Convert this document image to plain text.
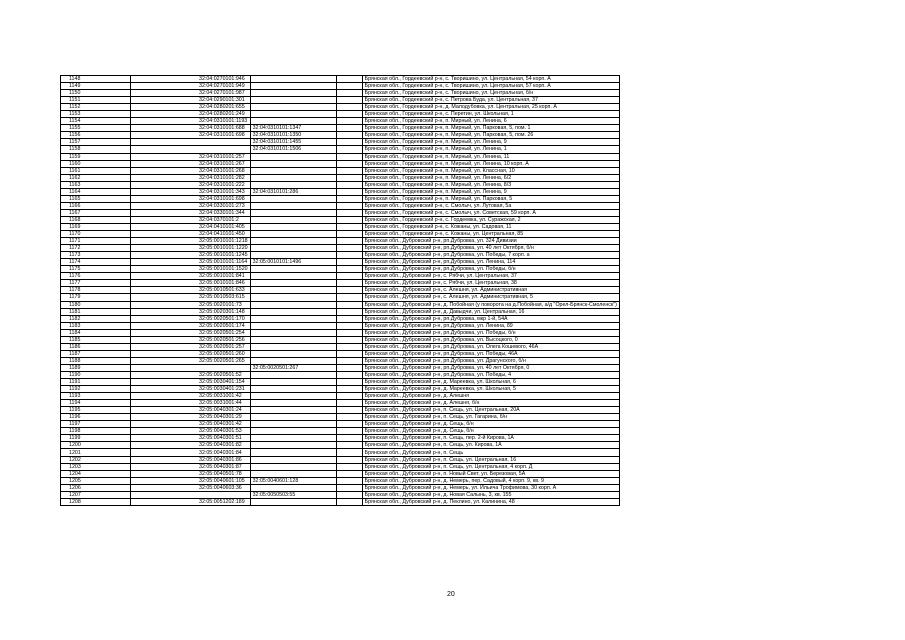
1148	32:04:0270101:946			Брянская обл., Гордеевский р-н, с. Творишино, ул. Центральная, 54 корп. А
1149	32:04:0270101:949			Брянская обл., Гордеевский р-н, с. Творишино, ул. Центральная, 57 корп. А
1150	32:04:0270101:987			Брянская обл., Гордеевский р-н, с. Творишино, ул. Центральная, б/н
1151	32:04:0290101:301			Брянская обл., Гордеевский р-н, с. Петрова Буда, ул. Центральная, 37
1152	32:04:0280201:655			Брянская обл., Гордеевский р-н, д. Малодубовка, ул. Центральная, 25 корп. А
1153	32:04:0280201:249			Брянская обл., Гордеевский р-н, с. Перетин, ул. Школьная, 1
1154	32:04:0310101:1193			Брянская обл., Гордеевский р-н, п. Мирный, ул. Ленина, 6
1155	32:04:0310101:688	32:04:0310101:1347		Брянская обл., Гордеевский р-н, п. Мирный, ул. Парковая, 5, пом. 1
1156	32:04:0310101:698	32:04:0310101:1350		Брянская обл., Гордеевский р-н, п. Мирный, ул. Парковая, 5, пом. 26
1157		32:04:0310101:1455		Брянская обл., Гордеевский р-н, п. Мирный, ул. Ленина, 9
1158		32:04:0310101:1506		Брянская обл., Гордеевский р-н, п. Мирный, ул. Ленина, 1
1159	32:04:0310101:257			Брянская обл., Гордеевский р-н, п. Мирный, ул. Ленина, 11
1160	32:04:0310101:267			Брянская обл., Гордеевский р-н, п. Мирный, ул. Ленина, 10 корп. А
1161	32:04:0310101:268			Брянская обл., Гордеевский р-н, п. Мирный, ул. Классная, 10
1162	32:04:0310101:282			Брянская обл., Гордеевский р-н, п. Мирный, ул. Ленина, 6/2
1163	32:04:0310101:222			Брянская обл., Гордеевский р-н, п. Мирный, ул. Ленина, 8/3
1164	32:04:0310101:343	32:04:0310101:286		Брянская обл., Гордеевский р-н, п. Мирный, ул. Ленина, 9
1165	32:04:0310101:698			Брянская обл., Гордеевский р-н, п. Мирный, ул. Парковая, 5
1166	32:04:0330101:273			Брянская обл., Гордеевский р-н, с. Смолыч, ул. Лутовая, 5а
1167	32:04:0330101:344			Брянская обл., Гордеевский р-н, с. Смолыч, ул. Советская, 59 корп. А
1168	32:04:0370101:2			Брянская обл., Гордеевский р-н, с. Гордеевка, ул. Суражская, 2
1169	32:04:0410101:405			Брянская обл., Гордеевский р-н, с. Кожаны, ул. Садовая, 11
1170	32:04:0410101:450			Брянская обл., Гордеевский р-н, с. Кожаны, ул. Центральная, 85
1171	32:05:0010101:1218			Брянская обл., Дубровский р-н, рп.Дубровка, ул. 324 Дивизии
1172	32:05:0010101:1220			Брянская обл., Дубровский р-н, рп.Дубровка, ул. 40 лет Октября, б/н
1173	32:05:0010101:1245			Брянская обл., Дубровский р-н, рп.Дубровка, ул. Победы, 7 корп. а
1174	32:05:0010101:1164	32:05:0010101:1496		Брянская обл., Дубровский р-н, рп.Дубровка, ул. Ленина, 114
1175	32:05:0010101:1520			Брянская обл., Дубровский р-н, рп.Дубровка, ул. Победы, б/н
1176	32:05:0010101:841			Брянская обл., Дубровский р-н, с. Рябчи, ул. Центральная, 37
1177	32:05:0010101:846			Брянская обл., Дубровский р-н, с. Рябчи, ул. Центральная, 38
1178	32:05:0010501:633			Брянская обл., Дубровский р-н, с. Алешня, ул. Административная
1179	32:05:0010503:615			Брянская обл., Дубровский р-н, с. Алешня, ул. Административная, 5
1180	32:05:0020101:73			Брянская обл., Дубровский р-н, д. Побойная (у поворота на д.Побойная, а/д "Орел-Брянск-Смоленск")
1181	32:05:0020301:148			Брянская обл., Дубровский р-н, д. Давыдчи, ул. Центральная, 16
1182	32:05:0020501:170			Брянская обл., Дубровский р-н, рп.Дубровка, мкр 1-й, 54А
1183	32:05:0020501:174			Брянская обл., Дубровский р-н, рп.Дубровка, ул. Ленина, 89
1184	32:05:0020501:254			Брянская обл., Дубровский р-н, рп.Дубровка, ул. Победы, б/н
1185	32:05:0020501:256			Брянская обл., Дубровский р-н, рп.Дубровка, ул. Высоцкого, 0
1186	32:05:0020501:257			Брянская обл., Дубровский р-н, рп.Дубровка, ул. Олега Кошевого, 46А
1187	32:05:0020501:260			Брянская обл., Дубровский р-н, рп.Дубровка, ул. Победы, 46А
1188	32:05:0020501:265			Брянская обл., Дубровский р-н, рп.Дубровка, ул. Драгунского, б/н
1189		32:05:0020501:267		Брянская обл., Дубровский р-н, рп.Дубровка, ул. 40 лет Октября, 0
1190	32:05:0020501:52			Брянская обл., Дубровский р-н, рп.Дубровка, ул. Победы, 4
1191	32:05:0030401:154			Брянская обл., Дубровский р-н, д. Мареевка, ул. Школьная, 6
1192	32:05:0030401:231			Брянская обл., Дубровский р-н, д. Мареевка, ул. Школьная, 5
1193	32:05:0031001:42			Брянская обл., Дубровский р-н, д. Алешня
1194	32:05:0031001:44			Брянская обл., Дубровский р-н, д. Алешня, б/н
1195	32:05:0040301:24			Брянская обл., Дубровский р-н, п. Сещь, ул. Центральная, 20А
1196	32:05:0040301:29			Брянская обл., Дубровский р-н, п. Сещь, ул. Гагарина, б/н
1197	32:05:0040301:42			Брянская обл., Дубровский р-н, д. Сещь, б/н
1198	32:05:0040301:53			Брянская обл., Дубровский р-н, д. Сещь, б/н
1199	32:05:0040301:51			Брянская обл., Дубровский р-н, п. Сещь, пер. 2-й Кирова, 1А
1200	32:05:0040301:82			Брянская обл., Дубровский р-н, п. Сещь, ул. Кирова, 1А
1201	32:05:0040301:84			Брянская обл., Дубровский р-н, п. Сещь
1202	32:05:0040301:86			Брянская обл., Дубровский р-н, п. Сещь, ул. Центральная, 16
1203	32:05:0040301:87			Брянская обл., Дубровский р-н, п. Сещь, ул. Центральная, 4 корп. Д
1204	32:05:0040501:78			Брянская обл., Дубровский р-н, п. Новый Свет, ул. Березовая, 5А
1205	32:05:0040601:105	32:05:0040601:128		Брянская обл., Дубровский р-н, д. Немерь, пер. Садовый, 4 корп. 9, кв. 9
1206	32:05:0040603:36			Брянская обл., Дубровский р-н, д. Немерь, ул. Ильича Трофимова, 30 корп. А
1207		32:05:0050503:55		Брянская обл., Дубровский р-н, д. Новая Салынь, 3, кв. 155
1208	32:05:0051202:189			Брянская обл., Дубровский р-н, д. Пеклино, ул. Калинина, 48
20
